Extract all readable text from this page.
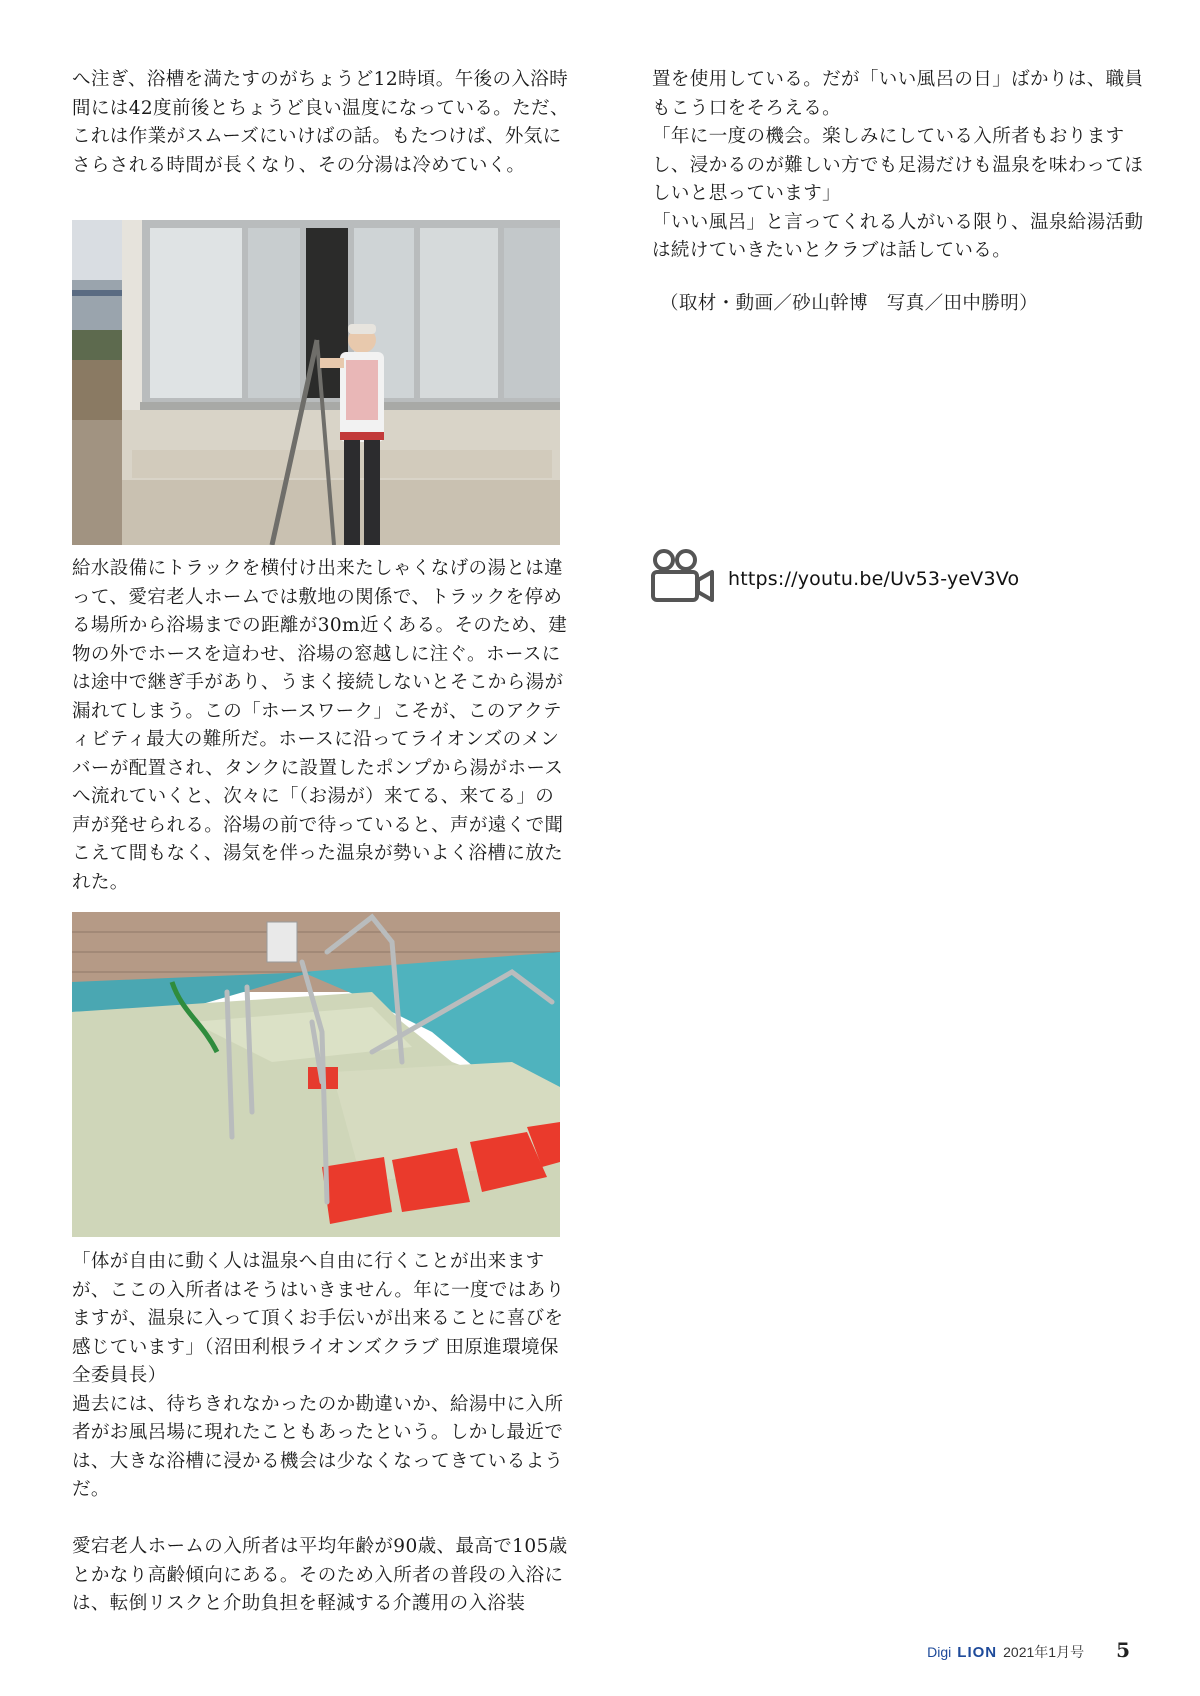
へ注ぎ、浴槽を満たすのがちょうど12時頃。午後の入浴時間には42度前後とちょうど良い温度になっている。ただ、これは作業がスムーズにいけばの話。もたつけば、外気にさらされる時間が長くなり、その分湯は冷めていく。

給水設備にトラックを横付け出来たしゃくなげの湯とは違って、愛宕老人ホームでは敷地の関係で、トラックを停める場所から浴場までの距離が30m近くある。そのため、建物の外でホースを這わせ、浴場の窓越しに注ぐ。ホースには途中で継ぎ手があり、うまく接続しないとそこから湯が漏れてしまう。この「ホースワーク」こそが、このアクティビティ最大の難所だ。ホースに沿ってライオンズのメンバーが配置され、タンクに設置したポンプから湯がホースへ流れていくと、次々に「（お湯が）来てる、来てる」の声が発せられる。浴場の前で待っていると、声が遠くで聞こえて間もなく、湯気を伴った温泉が勢いよく浴槽に放たれた。

「体が自由に動く人は温泉へ自由に行くことが出来ますが、ここの入所者はそうはいきません。年に一度ではありますが、温泉に入って頂くお手伝いが出来ることに喜びを感じています」（沼田利根ライオンズクラブ 田原進環境保全委員長）

過去には、待ちきれなかったのか勘違いか、給湯中に入所者がお風呂場に現れたこともあったという。しかし最近では、大きな浴槽に浸かる機会は少なくなってきているようだ。

愛宕老人ホームの入所者は平均年齢が90歳、最高で105歳とかなり高齢傾向にある。そのため入所者の普段の入浴には、転倒リスクと介助負担を軽減する介護用の入浴装

置を使用している。だが「いい風呂の日」ばかりは、職員もこう口をそろえる。

「年に一度の機会。楽しみにしている入所者もおりますし、浸かるのが難しい方でも足湯だけも温泉を味わってほしいと思っています」

「いい風呂」と言ってくれる人がいる限り、温泉給湯活動は続けていきたいとクラブは話している。

（取材・動画／砂山幹博　写真／田中勝明）

https://youtu.be/Uv53-yeV3Vo
Digi LION 2021年1月号 5
